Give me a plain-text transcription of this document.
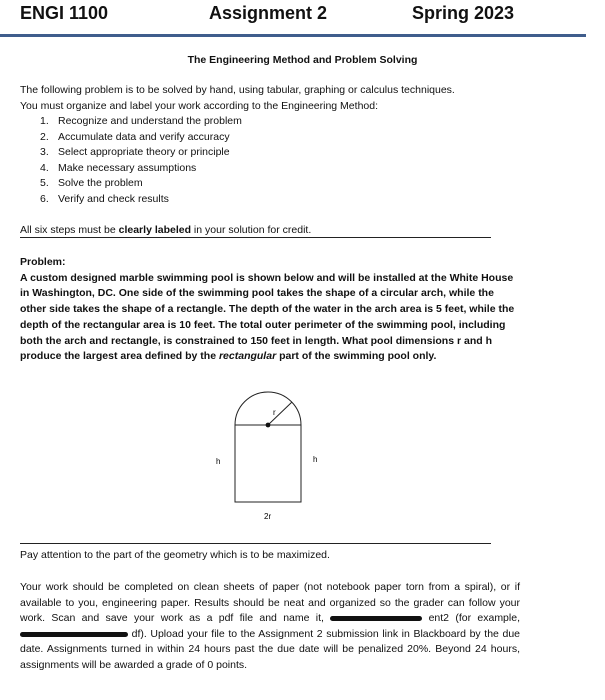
ENGI 1100	Assignment 2	Spring 2023
The Engineering Method and Problem Solving
The following problem is to be solved by hand, using tabular, graphing or calculus techniques.
You must organize and label your work according to the Engineering Method:
1. Recognize and understand the problem
2. Accumulate data and verify accuracy
3. Select appropriate theory or principle
4. Make necessary assumptions
5. Solve the problem
6. Verify and check results
All six steps must be clearly labeled in your solution for credit.
Problem:
A custom designed marble swimming pool is shown below and will be installed at the White House in Washington, DC. One side of the swimming pool takes the shape of a circular arch, while the other side takes the shape of a rectangle. The depth of the water in the arch area is 5 feet, while the depth of the rectangular area is 10 feet. The total outer perimeter of the swimming pool, including both the arch and rectangle, is constrained to 150 feet in length. What pool dimensions r and h produce the largest area defined by the rectangular part of the swimming pool only.
r
h	h
2r
Pay attention to the part of the geometry which is to be maximized.
Your work should be completed on clean sheets of paper (not notebook paper torn from a spiral), or if available to you, engineering paper. Results should be neat and organized so the grader can follow your work. Scan and save your work as a pdf file and name it,	ent2 (for example,  df). Upload your file to the Assignment 2 submission link in Blackboard by the due date. Assignments turned in within 24 hours past the due date will be penalized 20%. Beyond 24 hours, assignments will be awarded a grade of 0 points.
